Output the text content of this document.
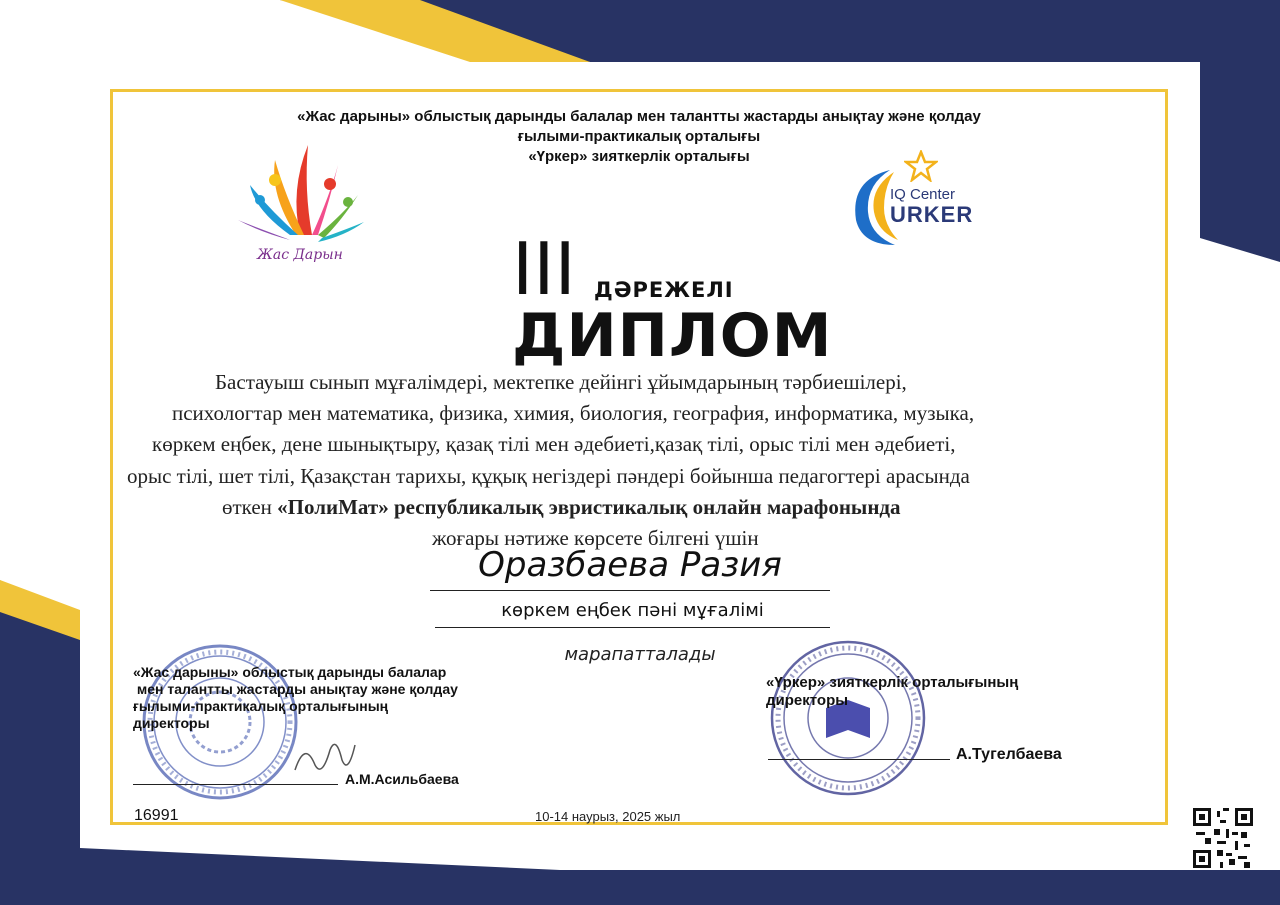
«Жас дарыны» облыстық дарынды балалар мен талантты жастарды анықтау және қолдау
ғылыми-практикалық орталығы
«Үркер» зияткерлік орталығы
Жас Дарын
IQ Center
URKER
III ДӘРЕЖЕЛІ
ДИПЛОМ
Бастауыш сынып мұғалімдері, мектепке дейінгі ұйымдарының тәрбиешілері,
психологтар мен математика, физика, химия, биология, география, информатика, музыка,
көркем еңбек, дене шынықтыру, қазақ тілі мен әдебиеті,қазақ тілі, орыс тілі мен әдебиеті,
орыс тілі, шет тілі, Қазақстан тарихы, құқық негіздері пәндері бойынша педагогтері арасында
өткен «ПолиМат» республикалық эвристикалық онлайн марафонында
жоғары нәтиже көрсете білгені үшін
Оразбаева Разия
көркем еңбек пәні мұғалімі
марапатталады
«Жас дарыны» облыстық дарынды балалар
мен талантты жастарды анықтау және қолдау
ғылыми-практикалық орталығының
директоры
А.М.Асильбаева
«Үркер» зияткерлік орталығының
директоры
А.Тугелбаева
16991	10-14 наурыз, 2025 жыл
